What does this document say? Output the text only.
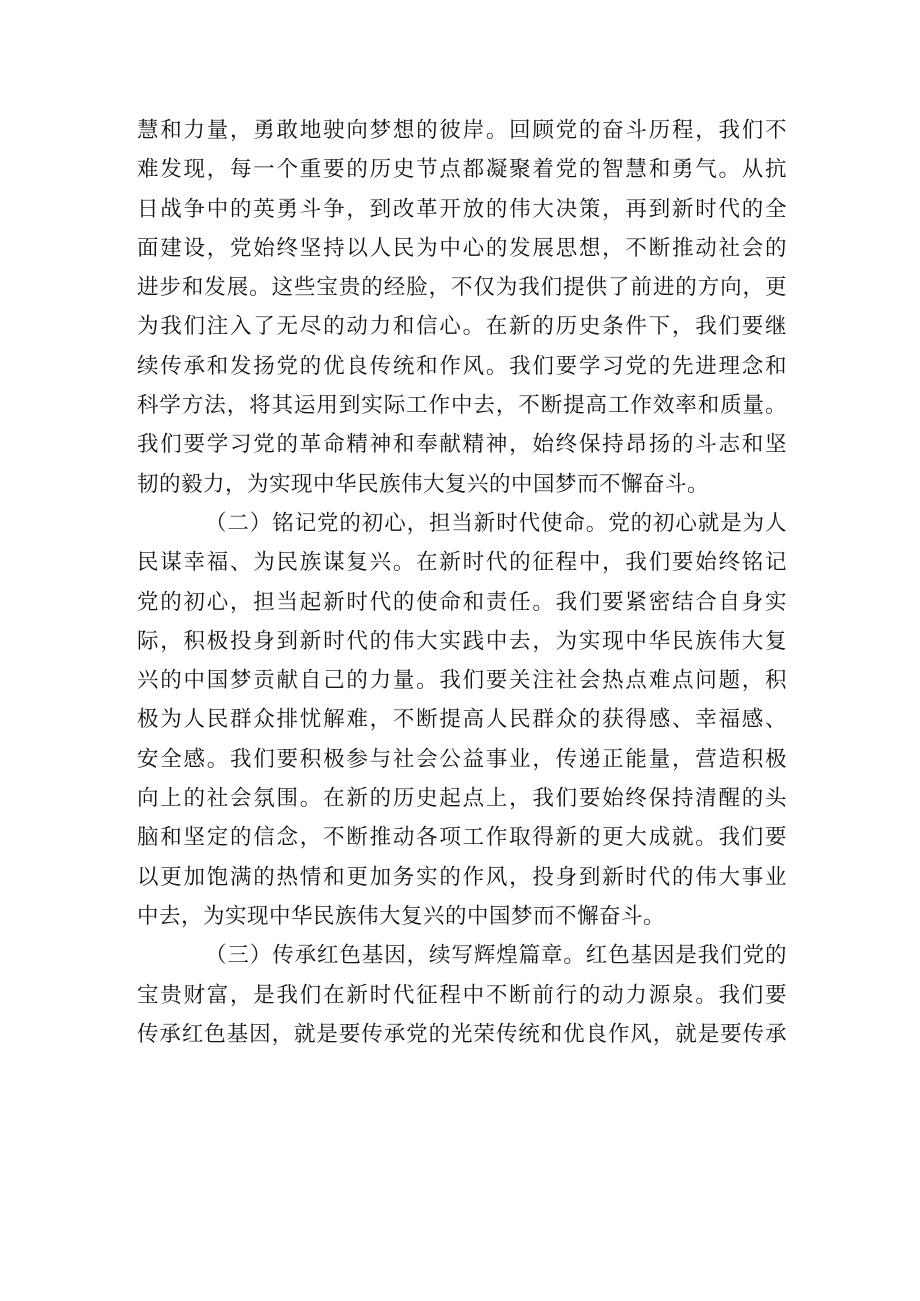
慧和力量，勇敢地驶向梦想的彼岸。回顾党的奋斗历程，我们不
难发现，每一个重要的历史节点都凝聚着党的智慧和勇气。从抗
日战争中的英勇斗争，到改革开放的伟大决策，再到新时代的全
面建设，党始终坚持以人民为中心的发展思想，不断推动社会的
进步和发展。这些宝贵的经脸，不仅为我们提供了前进的方向，更
为我们注入了无尽的动力和信心。在新的历史条件下，我们要继
续传承和发扬党的优良传统和作风。我们要学习党的先进理念和
科学方法，将其运用到实际工作中去，不断提高工作效率和质量。
我们要学习党的革命精神和奉献精神，始终保持昂扬的斗志和坚
韧的毅力，为实现中华民族伟大复兴的中国梦而不懈奋斗。
（二）铭记党的初心，担当新时代使命。党的初心就是为人
民谋幸福、为民族谋复兴。在新时代的征程中，我们要始终铭记
党的初心，担当起新时代的使命和责任。我们要紧密结合自身实
际，积极投身到新时代的伟大实践中去，为实现中华民族伟大复
兴的中国梦贡献自己的力量。我们要关注社会热点难点问题，积
极为人民群众排忧解难，不断提高人民群众的获得感、幸福感、
安全感。我们要积极参与社会公益事业，传递正能量，营造积极
向上的社会氛围。在新的历史起点上，我们要始终保持清醒的头
脑和坚定的信念，不断推动各项工作取得新的更大成就。我们要
以更加饱满的热情和更加务实的作风，投身到新时代的伟大事业
中去，为实现中华民族伟大复兴的中国梦而不懈奋斗。
（三）传承红色基因，续写辉煌篇章。红色基因是我们党的
宝贵财富，是我们在新时代征程中不断前行的动力源泉。我们要
传承红色基因，就是要传承党的光荣传统和优良作风，就是要传承
